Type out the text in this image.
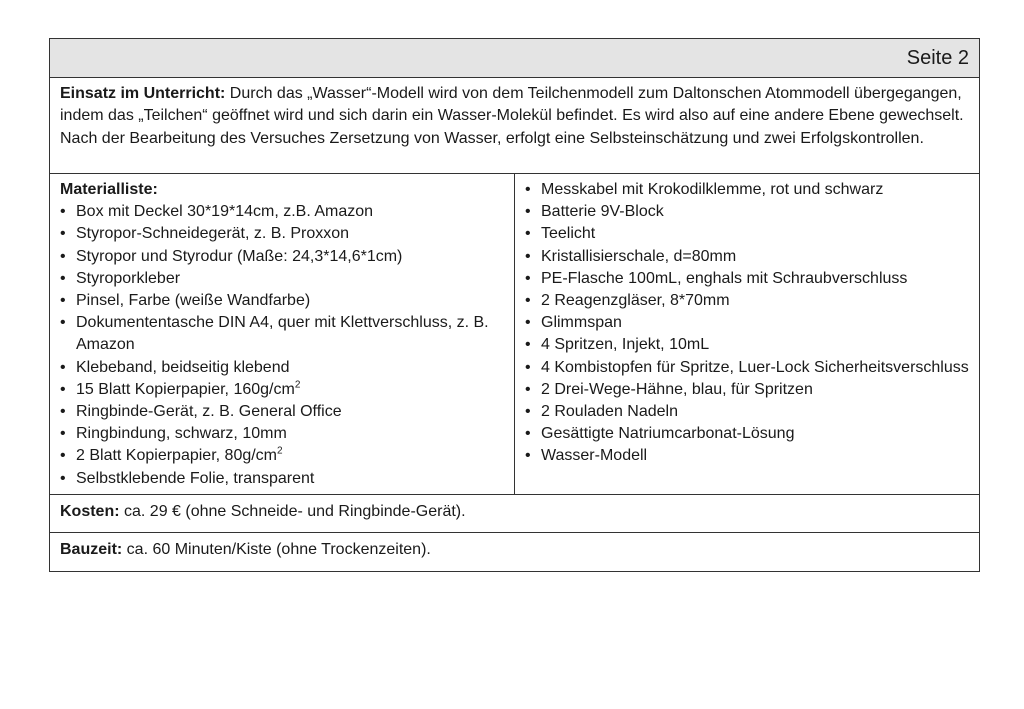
Seite 2
Einsatz im Unterricht: Durch das „Wasser“-Modell wird von dem Teilchenmodell zum Daltonschen Atommodell übergegangen, indem das „Teilchen“ geöffnet wird und sich darin ein Wasser-Molekül befindet. Es wird also auf eine andere Ebene gewechselt. Nach der Bearbeitung des Versuches Zersetzung von Wasser, erfolgt eine Selbsteinschätzung und zwei Erfolgskontrollen.
Materialliste:
• Box mit Deckel 30*19*14cm, z.B. Amazon
• Styropor-Schneidegerät, z. B. Proxxon
• Styropor und Styrodur (Maße: 24,3*14,6*1cm)
• Styroporkleber
• Pinsel, Farbe (weiße Wandfarbe)
• Dokumententasche DIN A4, quer mit Klettverschluss, z. B. Amazon
• Klebeband, beidseitig klebend
• 15 Blatt Kopierpapier, $160g/cm^2$
• Ringbinde-Gerät, z. B. General Office
• Ringbindung, schwarz, 10mm
• 2 Blatt Kopierpapier, $80g/cm^2$
• Selbstklebende Folie, transparent
• Messkabel mit Krokodilklemme, rot und schwarz
• Batterie 9V-Block
• Teelicht
• Kristallisierschale, d=80mm
• PE-Flasche 100mL, enghals mit Schraubverschluss
• 2 Reagenzgläser, 8*70mm
• Glimmspan
• 4 Spritzen, Injekt, 10mL
• 4 Kombistopfen für Spritze, Luer-Lock Sicherheitsverschluss
• 2 Drei-Wege-Hähne, blau, für Spritzen
• 2 Rouladen Nadeln
• Gesättigte Natriumcarbonat-Lösung
• Wasser-Modell
Kosten: ca. 29 € (ohne Schneide- und Ringbinde-Gerät).
Bauzeit: ca. 60 Minuten/Kiste (ohne Trockenzeiten).
